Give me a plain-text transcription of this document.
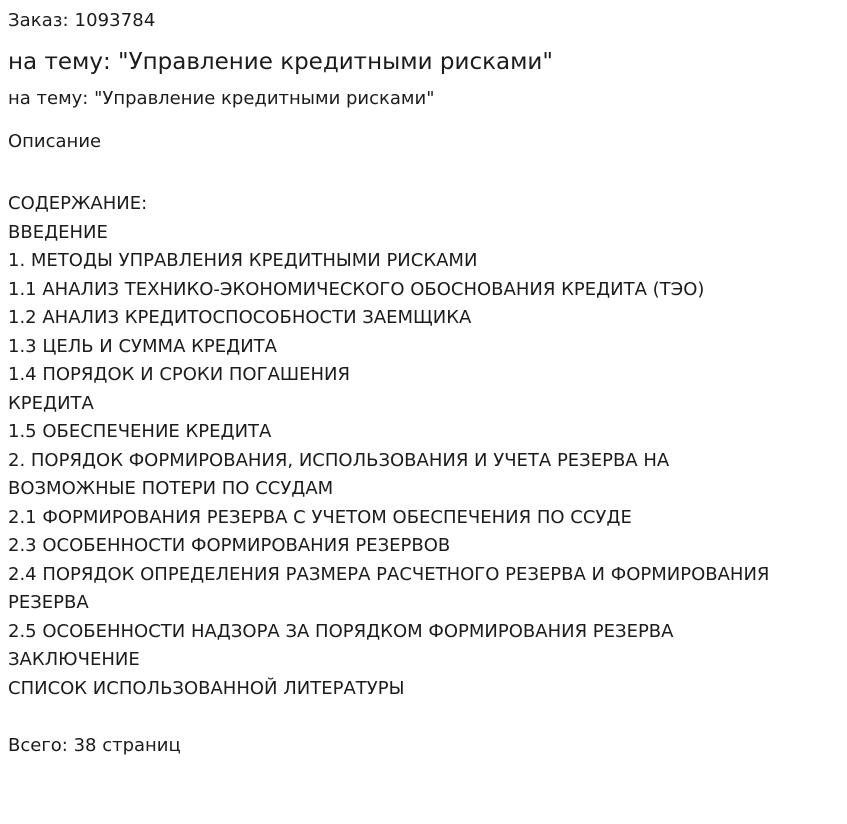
Заказ: 1093784
на тему: "Управление кредитными рисками"
на тему: "Управление кредитными рисками"
Описание
СОДЕРЖАНИЕ:
ВВЕДЕНИЕ
1. МЕТОДЫ УПРАВЛЕНИЯ КРЕДИТНЫМИ РИСКАМИ
1.1 АНАЛИЗ ТЕХНИКО-ЭКОНОМИЧЕСКОГО ОБОСНОВАНИЯ КРЕДИТА (ТЭО)
1.2 АНАЛИЗ КРЕДИТОСПОСОБНОСТИ ЗАЕМЩИКА
1.3 ЦЕЛЬ И СУММА КРЕДИТА
1.4 ПОРЯДОК И СРОКИ ПОГАШЕНИЯ
КРЕДИТА
1.5 ОБЕСПЕЧЕНИЕ КРЕДИТА
2. ПОРЯДОК ФОРМИРОВАНИЯ, ИСПОЛЬЗОВАНИЯ И УЧЕТА РЕЗЕРВА НА
ВОЗМОЖНЫЕ ПОТЕРИ ПО ССУДАМ
2.1 ФОРМИРОВАНИЯ РЕЗЕРВА С УЧЕТОМ ОБЕСПЕЧЕНИЯ ПО ССУДЕ
2.3 ОСОБЕННОСТИ ФОРМИРОВАНИЯ РЕЗЕРВОВ
2.4 ПОРЯДОК ОПРЕДЕЛЕНИЯ РАЗМЕРА РАСЧЕТНОГО РЕЗЕРВА И ФОРМИРОВАНИЯ
РЕЗЕРВА
2.5 ОСОБЕННОСТИ НАДЗОРА ЗА ПОРЯДКОМ ФОРМИРОВАНИЯ РЕЗЕРВА
ЗАКЛЮЧЕНИЕ
СПИСОК ИСПОЛЬЗОВАННОЙ ЛИТЕРАТУРЫ
Всего: 38 страниц
